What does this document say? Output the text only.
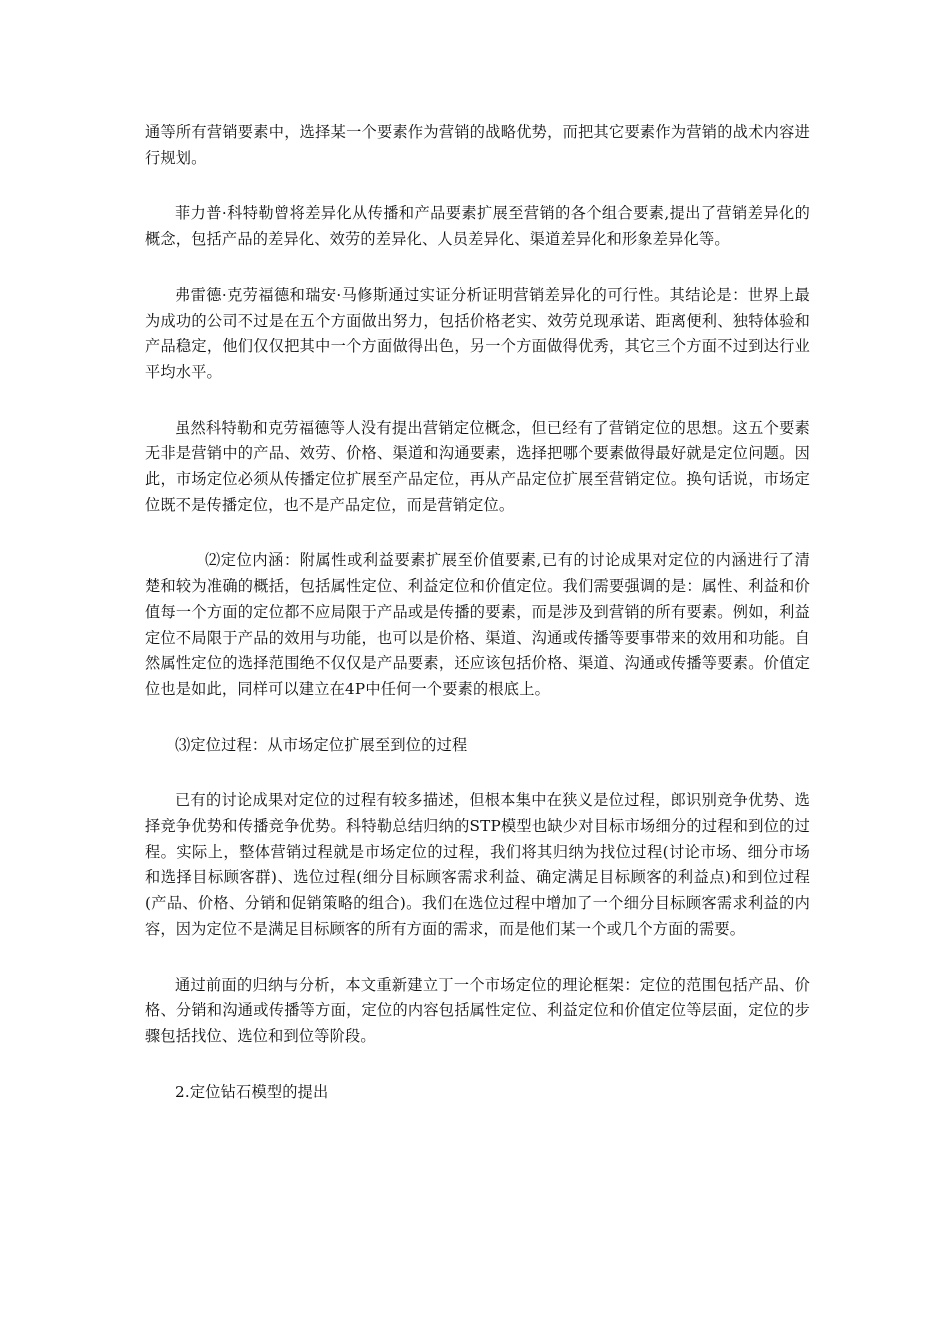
通等所有营销要素中，选择某一个要素作为营销的战略优势，而把其它要素作为营销的战术内容进行规划。

菲力普·科特勒曾将差异化从传播和产品要素扩展至营销的各个组合要素,提出了营销差异化的概念，包括产品的差异化、效劳的差异化、人员差异化、渠道差异化和形象差异化等。

弗雷德·克劳福德和瑞安·马修斯通过实证分析证明营销差异化的可行性。其结论是：世界上最为成功的公司不过是在五个方面做出努力，包括价格老实、效劳兑现承诺、距离便利、独特体验和产品稳定，他们仅仅把其中一个方面做得出色，另一个方面做得优秀，其它三个方面不过到达行业平均水平。

虽然科特勒和克劳福德等人没有提出营销定位概念，但已经有了营销定位的思想。这五个要素无非是营销中的产品、效劳、价格、渠道和沟通要素，选择把哪个要素做得最好就是定位问题。因此，市场定位必须从传播定位扩展至产品定位，再从产品定位扩展至营销定位。换句话说，市场定位既不是传播定位，也不是产品定位，而是营销定位。

⑵定位内涵：附属性或利益要素扩展至价值要素,已有的讨论成果对定位的内涵进行了清楚和较为准确的概括，包括属性定位、利益定位和价值定位。我们需要强调的是：属性、利益和价值每一个方面的定位都不应局限于产品或是传播的要素，而是涉及到营销的所有要素。例如，利益定位不局限于产品的效用与功能，也可以是价格、渠道、沟通或传播等要事带来的效用和功能。自然属性定位的选择范围绝不仅仅是产品要素，还应该包括价格、渠道、沟通或传播等要素。价值定位也是如此，同样可以建立在4P中任何一个要素的根底上。

⑶定位过程：从市场定位扩展至到位的过程

已有的讨论成果对定位的过程有较多描述，但根本集中在狭义是位过程，郎识别竞争优势、选择竞争优势和传播竞争优势。科特勒总结归纳的STP模型也缺少对目标市场细分的过程和到位的过程。实际上，整体营销过程就是市场定位的过程，我们将其归纳为找位过程(讨论市场、细分市场和选择目标顾客群)、选位过程(细分目标顾客需求利益、确定满足目标顾客的利益点)和到位过程(产品、价格、分销和促销策略的组合)。我们在选位过程中增加了一个细分目标顾客需求利益的内容，因为定位不是满足目标顾客的所有方面的需求，而是他们某一个或几个方面的需要。

通过前面的归纳与分析，本文重新建立丁一个市场定位的理论框架：定位的范围包括产品、价格、分销和沟通或传播等方面，定位的内容包括属性定位、利益定位和价值定位等层面，定位的步骤包括找位、选位和到位等阶段。

2.定位钻石模型的提出
